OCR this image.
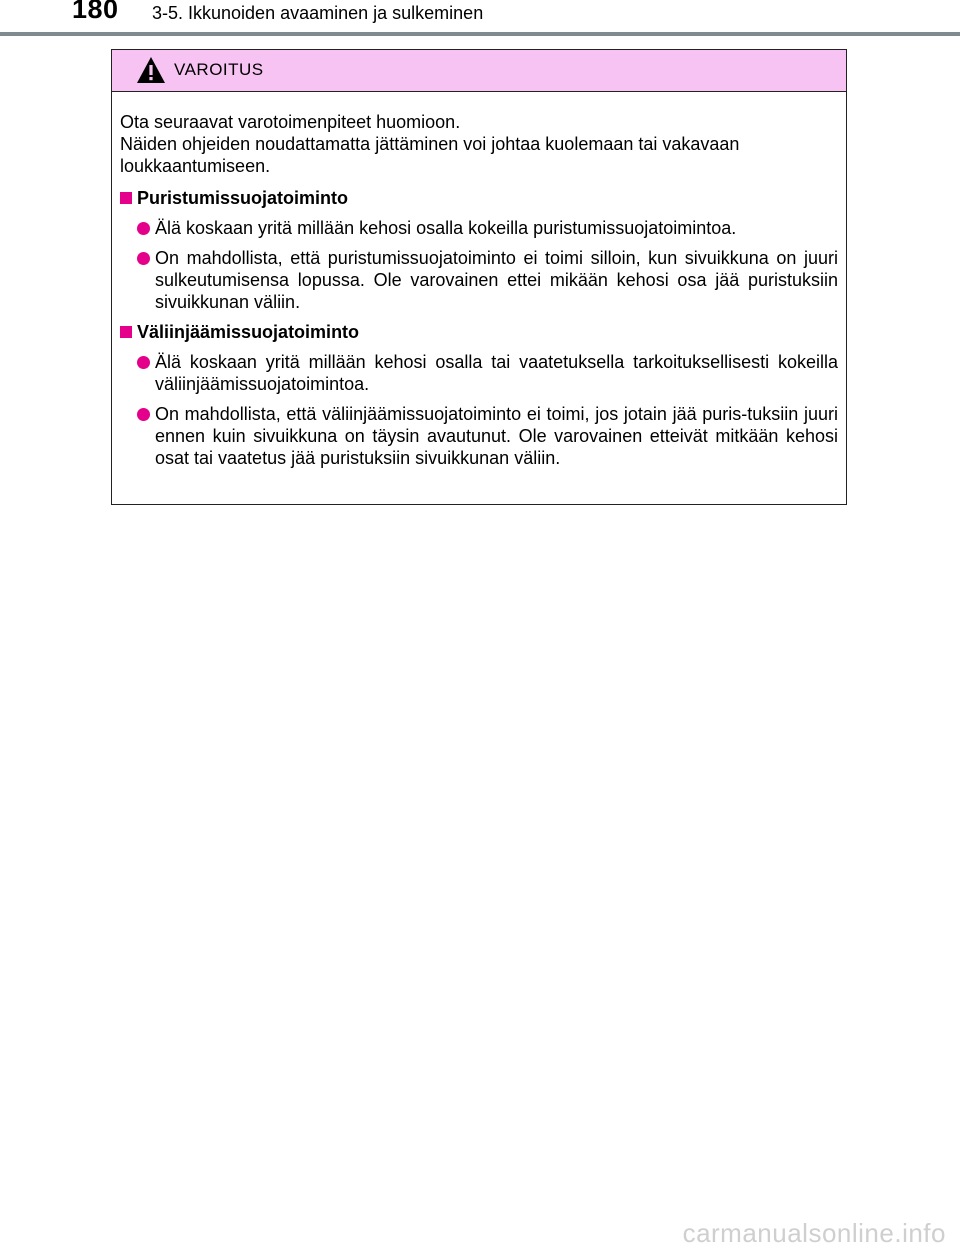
180 3-5. Ikkunoiden avaaminen ja sulkeminen
VAROITUS
Ota seuraavat varotoimenpiteet huomioon.
Näiden ohjeiden noudattamatta jättäminen voi johtaa kuolemaan tai vakavaan loukkaantumiseen.
Puristumissuojatoiminto
Älä koskaan yritä millään kehosi osalla kokeilla puristumissuojatoimintoa.
On mahdollista, että puristumissuojatoiminto ei toimi silloin, kun sivuikkuna on juuri sulkeutumisensa lopussa. Ole varovainen ettei mikään kehosi osa jää puristuksiin sivuikkunan väliin.
Väliinjäämissuojatoiminto
Älä koskaan yritä millään kehosi osalla tai vaatetuksella tarkoituksellisesti kokeilla väliinjäämissuojatoimintoa.
On mahdollista, että väliinjäämissuojatoiminto ei toimi, jos jotain jää puris-tuksiin juuri ennen kuin sivuikkuna on täysin avautunut. Ole varovainen etteivät mitkään kehosi osat tai vaatetus jää puristuksiin sivuikkunan väliin.
carmanualsonline.info
